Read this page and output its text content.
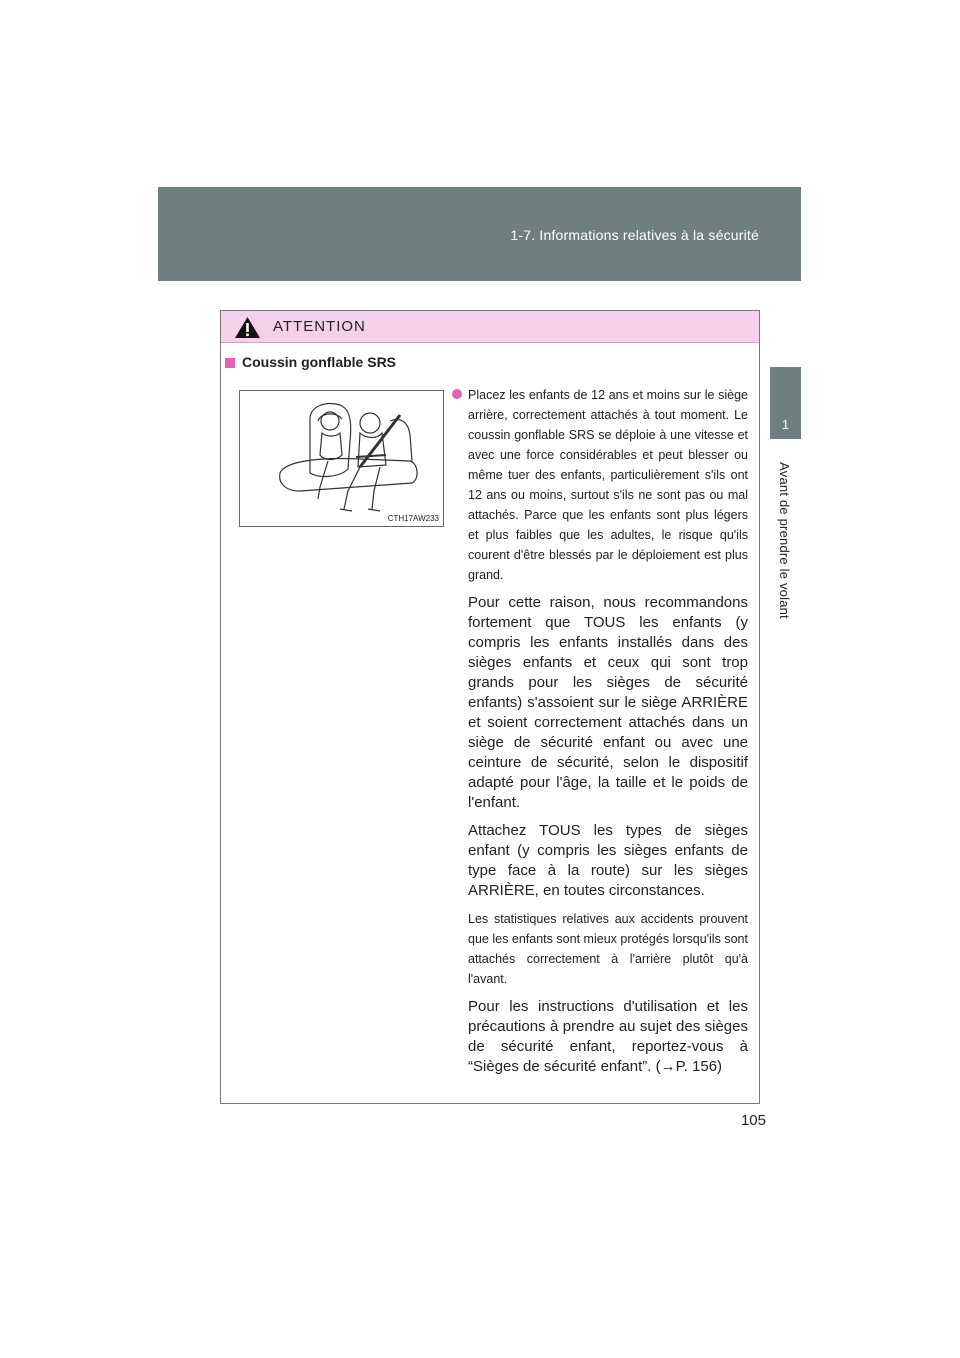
1-7. Informations relatives à la sécurité
1
Avant de prendre le volant
ATTENTION
Coussin gonflable SRS
CTH17AW233

Placez les enfants de 12 ans et moins sur le siège arrière, correctement attachés à tout moment. Le coussin gonflable SRS se déploie à une vitesse et avec une force considérables et peut blesser ou même tuer des enfants, particulièrement s'ils ont 12 ans ou moins, surtout s'ils ne sont pas ou mal attachés. Parce que les enfants sont plus légers et plus faibles que les adultes, le risque qu'ils courent d'être blessés par le déploiement est plus grand.

Pour cette raison, nous recommandons fortement que TOUS les enfants (y compris les enfants installés dans des sièges enfants et ceux qui sont trop grands pour les sièges de sécurité enfants) s'assoient sur le siège ARRIÈRE et soient correctement attachés dans un siège de sécurité enfant ou avec une ceinture de sécurité, selon le dispositif adapté pour l'âge, la taille et le poids de l'enfant.

Attachez TOUS les types de sièges enfant (y compris les sièges enfants de type face à la route) sur les sièges ARRIÈRE, en toutes circonstances.

Les statistiques relatives aux accidents prouvent que les enfants sont mieux protégés lorsqu'ils sont attachés correctement à l'arrière plutôt qu'à l'avant.

Pour les instructions d'utilisation et les précautions à prendre au sujet des sièges de sécurité enfant, reportez-vous à “Sièges de sécurité enfant”. (→P. 156)

105
